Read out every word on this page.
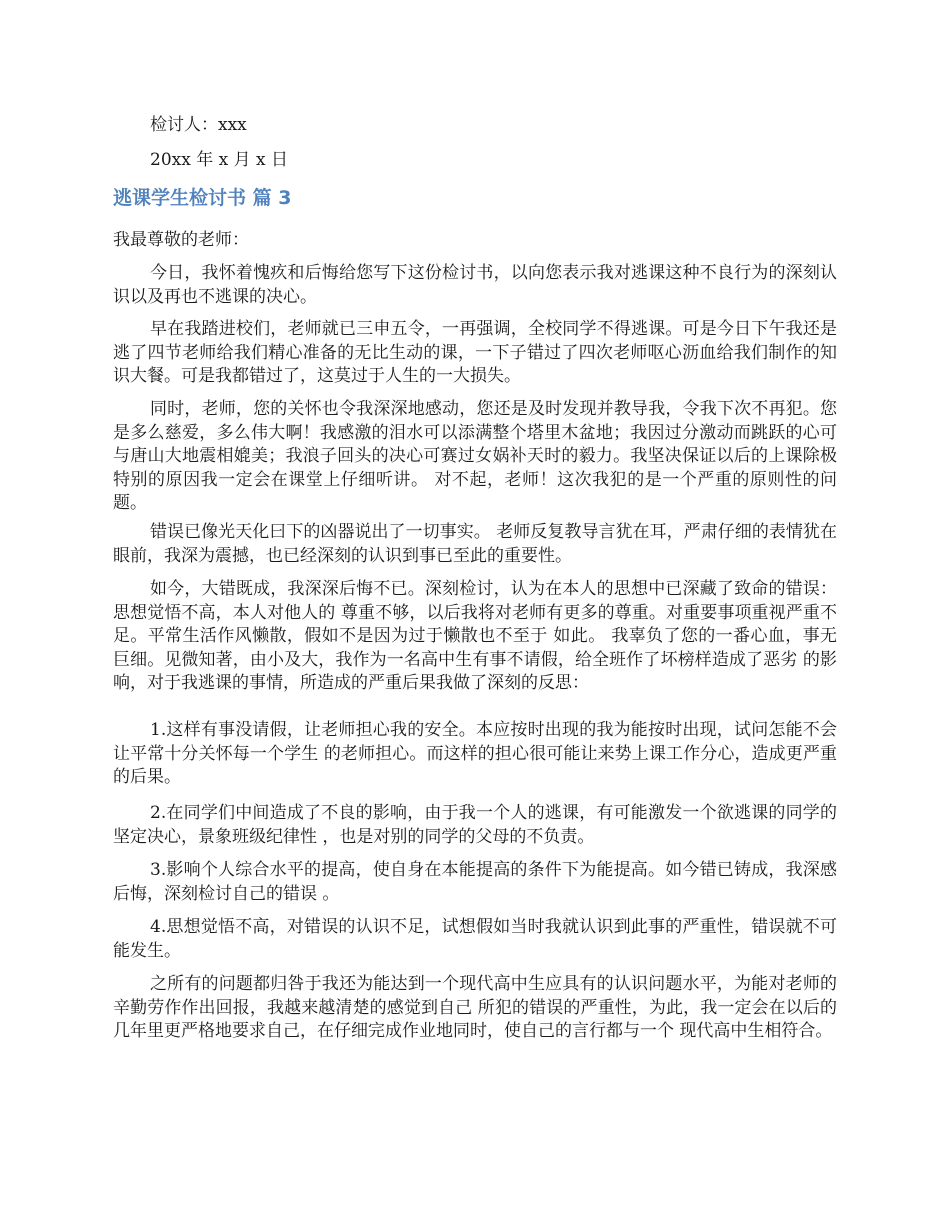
检讨人：xxx
20xx 年 x 月 x 日
逃课学生检讨书 篇 3
我最尊敬的老师：

今日，我怀着愧疚和后悔给您写下这份检讨书，以向您表示我对逃课这种不良行为的深刻认识以及再也不逃课的决心。

早在我踏进校们，老师就已三申五令，一再强调，全校同学不得逃课。可是今日下午我还是逃了四节老师给我们精心准备的无比生动的课，一下子错过了四次老师呕心沥血给我们制作的知识大餐。可是我都错过了，这莫过于人生的一大损失。

同时，老师，您的关怀也令我深深地感动，您还是及时发现并教导我，令我下次不再犯。您是多么慈爱，多么伟大啊！我感激的泪水可以添满整个塔里木盆地；我因过分激动而跳跃的心可与唐山大地震相媲美；我浪子回头的决心可赛过女娲补天时的毅力。我坚决保证以后的上课除极特别的原因我一定会在课堂上仔细听讲。 对不起，老师！这次我犯的是一个严重的原则性的问题。

错误已像光天化曰下的凶器说出了一切事实。 老师反复教导言犹在耳，严肃仔细的表情犹在眼前，我深为震撼，也已经深刻的认识到事已至此的重要性。

如今，大错既成，我深深后悔不已。深刻检讨，认为在本人的思想中已深藏了致命的错误：思想觉悟不高，本人对他人的 尊重不够，以后我将对老师有更多的尊重。对重要事项重视严重不足。平常生活作风懒散，假如不是因为过于懒散也不至于 如此。 我辜负了您的一番心血，事无巨细。见微知著，由小及大，我作为一名高中生有事不请假，给全班作了坏榜样造成了恶劣 的影响，对于我逃课的事情，所造成的严重后果我做了深刻的反思：

1.这样有事没请假，让老师担心我的安全。本应按时出现的我为能按时出现，试问怎能不会让平常十分关怀每一个学生 的老师担心。而这样的担心很可能让来势上课工作分心，造成更严重的后果。

2.在同学们中间造成了不良的影响，由于我一个人的逃课，有可能激发一个欲逃课的同学的坚定决心，景象班级纪律性 ，也是对别的同学的父母的不负责。

3.影响个人综合水平的提高，使自身在本能提高的条件下为能提高。如今错已铸成，我深感后悔，深刻检讨自己的错误 。

4.思想觉悟不高，对错误的认识不足，试想假如当时我就认识到此事的严重性，错误就不可能发生。

之所有的问题都归咎于我还为能达到一个现代高中生应具有的认识问题水平，为能对老师的辛勤劳作作出回报，我越来越清楚的感觉到自己 所犯的错误的严重性，为此，我一定会在以后的几年里更严格地要求自己，在仔细完成作业地同时，使自己的言行都与一个 现代高中生相符合。
